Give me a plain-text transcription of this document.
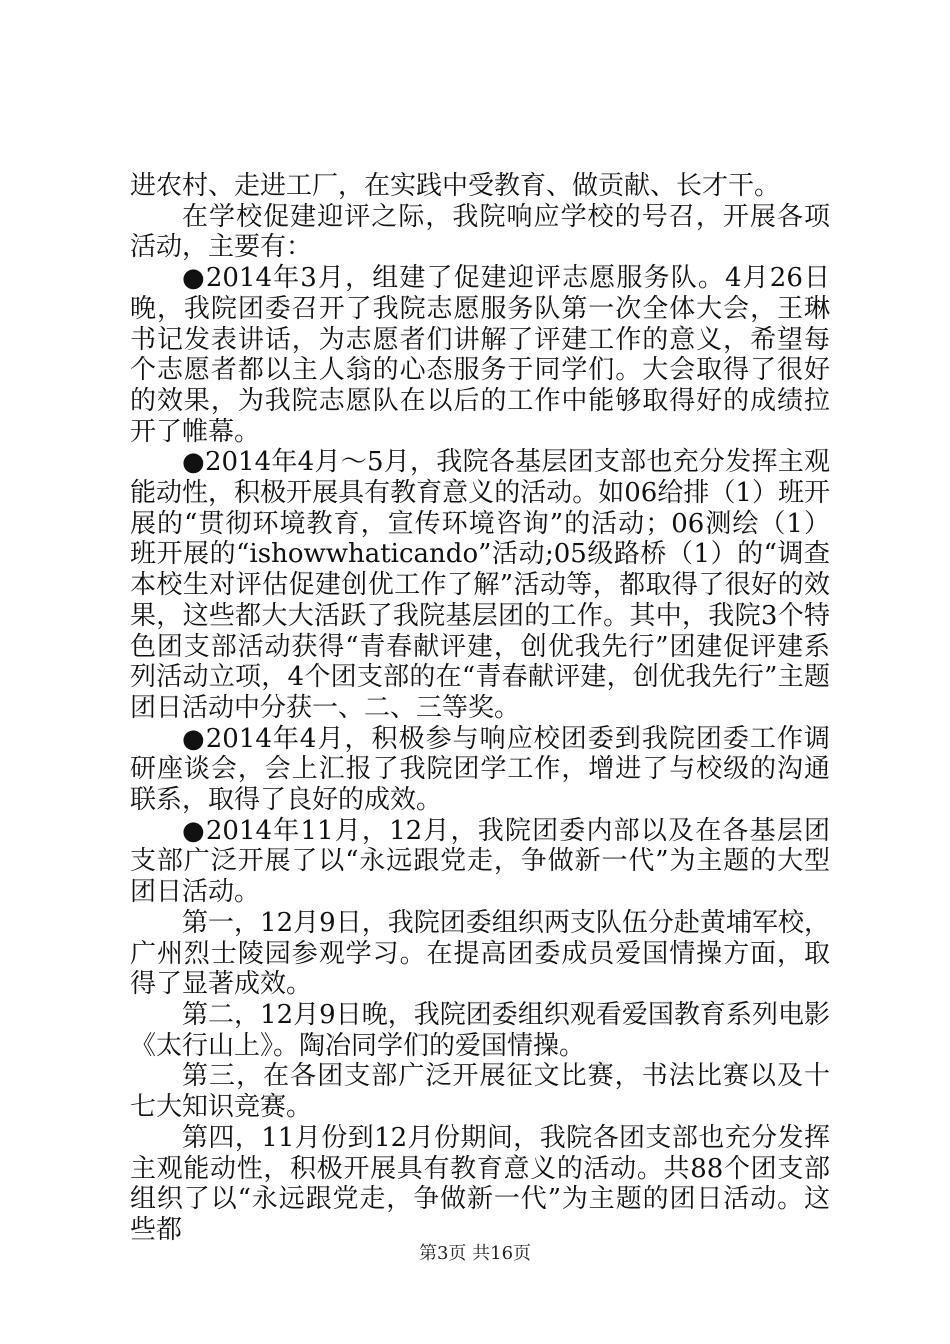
进农村、走进工厂，在实践中受教育、做贡献、长才干。

在学校促建迎评之际，我院响应学校的号召，开展各项活动，主要有：

●2014年3月，组建了促建迎评志愿服务队。4月26日晚，我院团委召开了我院志愿服务队第一次全体大会，王琳书记发表讲话，为志愿者们讲解了评建工作的意义，希望每个志愿者都以主人翁的心态服务于同学们。大会取得了很好的效果，为我院志愿队在以后的工作中能够取得好的成绩拉开了帷幕。

●2014年4月～5月，我院各基层团支部也充分发挥主观能动性，积极开展具有教育意义的活动。如06给排（1）班开展的“贯彻环境教育，宣传环境咨询”的活动；06测绘（1）班开展的“ishowwhaticando”活动;05级路桥（1）的“调查本校生对评估促建创优工作了解”活动等，都取得了很好的效果，这些都大大活跃了我院基层团的工作。其中，我院3个特色团支部活动获得“青春献评建，创优我先行”团建促评建系列活动立项，4个团支部的在“青春献评建，创优我先行”主题团日活动中分获一、二、三等奖。

●2014年4月，积极参与响应校团委到我院团委工作调研座谈会，会上汇报了我院团学工作，增进了与校级的沟通联系，取得了良好的成效。

●2014年11月，12月，我院团委内部以及在各基层团支部广泛开展了以“永远跟党走，争做新一代”为主题的大型团日活动。

第一，12月9日，我院团委组织两支队伍分赴黄埔军校，广州烈士陵园参观学习。在提高团委成员爱国情操方面，取得了显著成效。

第二，12月9日晚，我院团委组织观看爱国教育系列电影《太行山上》。陶冶同学们的爱国情操。

第三，在各团支部广泛开展征文比赛，书法比赛以及十七大知识竞赛。

第四，11月份到12月份期间，我院各团支部也充分发挥主观能动性，积极开展具有教育意义的活动。共88个团支部组织了以“永远跟党走，争做新一代”为主题的团日活动。这些都

第3页 共16页
